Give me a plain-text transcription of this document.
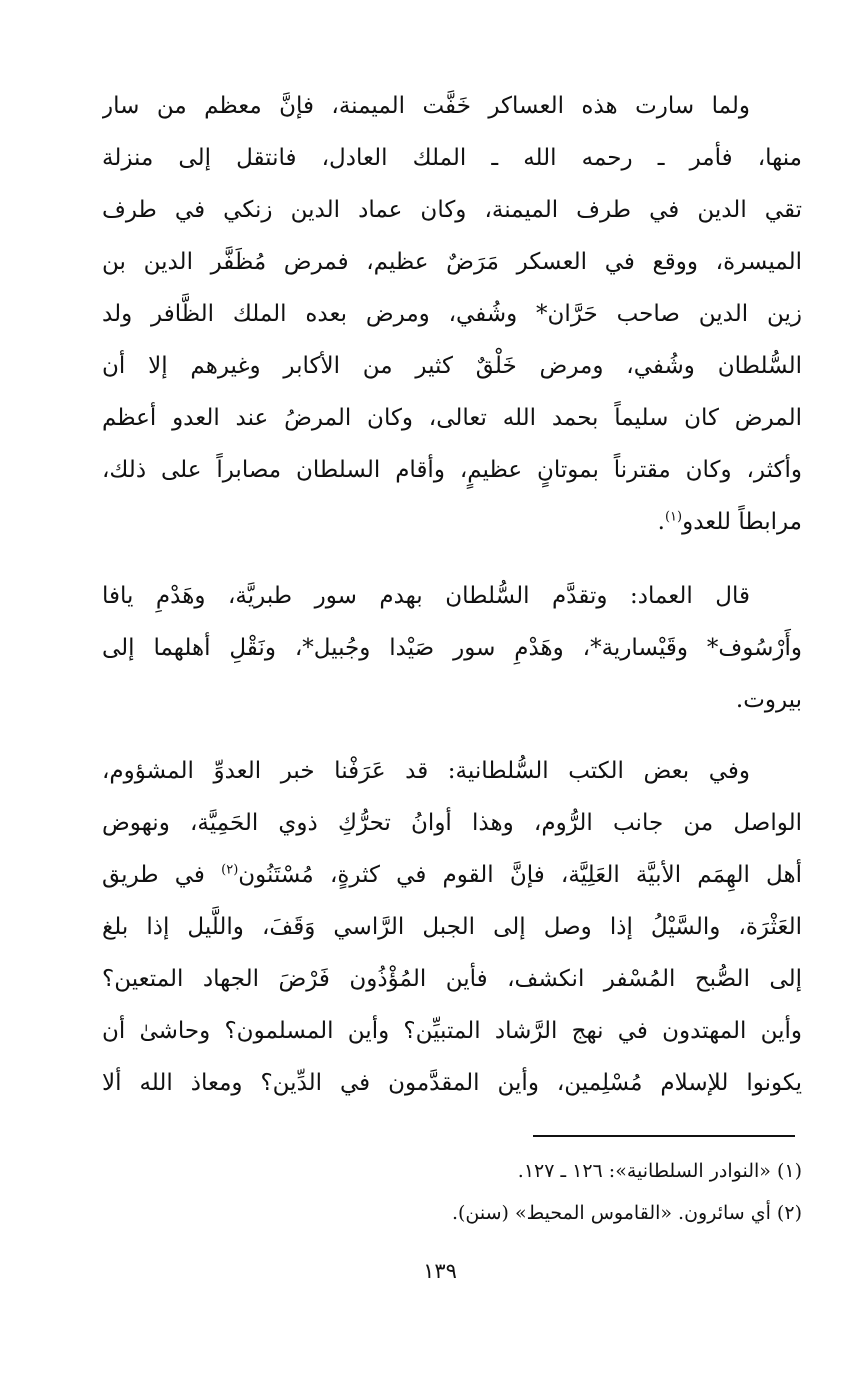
ولما سارت هذه العساكر خَفَّت الميمنة، فإنَّ معظم من سار
منها، فأمر ـ رحمه الله ـ الملك العادل، فانتقل إلى منزلة
تقي الدين في طرف الميمنة، وكان عماد الدين زنكي في طرف
الميسرة، ووقع في العسكر مَرَضٌ عظيم، فمرض مُظَفَّر الدين بن
زين الدين صاحب حَرَّان* وشُفي، ومرض بعده الملك الظَّافر ولد
السُّلطان وشُفي، ومرض خَلْقٌ كثير من الأكابر وغيرهم إلا أن
المرض كان سليماً بحمد الله تعالى، وكان المرضُ عند العدو أعظم
وأكثر، وكان مقترناً بموتانٍ عظيمٍ، وأقام السلطان مصابراً على ذلك،
مرابطاً للعدو$^{(١)}$.
قال العماد: وتقدَّم السُّلطان بهدم سور طبريَّة، وهَدْمِ يافا
وأَرْسُوف* وقَيْسارية*، وهَدْمِ سور صَيْدا وجُبيل*، ونَقْلِ أهلهما إلى
بيروت.
وفي بعض الكتب السُّلطانية: قد عَرَفْنا خبر العدوِّ المشؤوم،
الواصل من جانب الرُّوم، وهذا أوانُ تحرُّكِ ذوي الحَمِيَّة، ونهوض
أهل الهِمَم الأبيَّة العَلِيَّة، فإنَّ القوم في كثرةٍ، مُسْتَنُون$^{(٢)}$ في طريق
العَثْرَة، والسَّيْلُ إذا وصل إلى الجبل الرَّاسي وَقَفَ، واللَّيل إذا بلغ
إلى الصُّبح المُسْفر انكشف، فأين المُؤْذُون فَرْضَ الجهاد المتعين؟
وأين المهتدون في نهج الرَّشاد المتبيِّن؟ وأين المسلمون؟ وحاشىٰ أن
يكونوا للإسلام مُسْلِمين، وأين المقدَّمون في الدِّين؟ ومعاذ الله ألا
(١) «النوادر السلطانية»: ١٢٦ ـ ١٢٧.
(٢) أي سائرون. «القاموس المحيط» (سنن).
١٣٩
